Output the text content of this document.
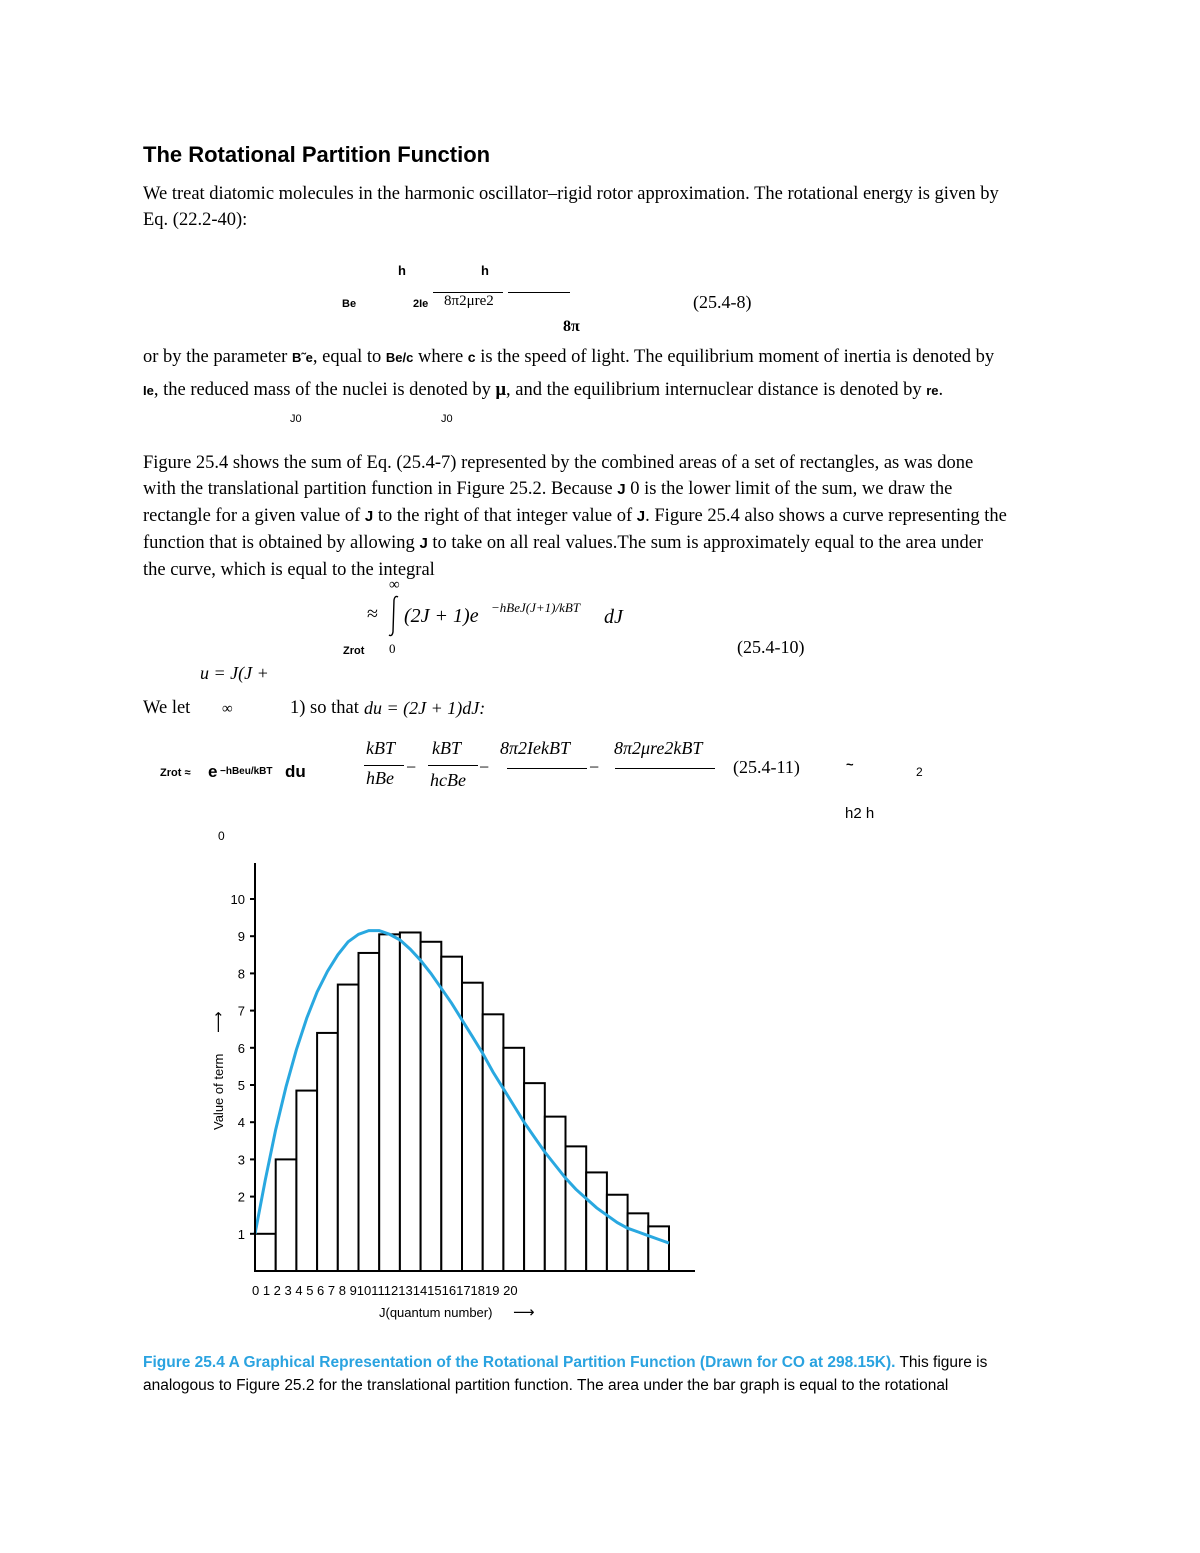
The Rotational Partition Function
We treat diatomic molecules in the harmonic oscillator–rigid rotor approximation. The rotational energy is given by
Eq. (22.2-40):
h	h
Be	2Ie 8π2μre2	(25.4-8)
8π
or by the parameter B˜e, equal to Be/c where c is the speed of light. The equilibrium moment of inertia is denoted by
Ie, the reduced mass of the nuclei is denoted by μ, and the equilibrium internuclear distance is denoted by re.
J0	J0
Figure 25.4 shows the sum of Eq. (25.4-7) represented by the combined areas of a set of rectangles, as was done
with the translational partition function in Figure 25.2. Because J 0 is the lower limit of the sum, we draw the
rectangle for a given value of J to the right of that integer value of J. Figure 25.4 also shows a curve representing the
function that is obtained by allowing J to take on all real values.The sum is approximately equal to the area under
the curve, which is equal to the integral
∞
≈ (2J + 1)e −hBeJ(J+1)/kBT dJ
Zrot 0	(25.4-10)
u = J(J +
We let ∞	1) so that du = (2J + 1)dJ:
Zrot ≈ e −hBeu/kBT du
kBT
hBe
−
kBT
hcBe
−
8π2IekBT
−
8π2μre2kBT
(25.4-11)	~	2
h2 h
0
1
2
3
4
5
6
7
8
9
10
0 1 2 3 4 5 6 7 8 910111213141516171819 20
J(quantum number) ⟶
Value of term
⟶
Figure 25.4 A Graphical Representation of the Rotational Partition Function (Drawn for CO at 298.15K). This figure is
analogous to Figure 25.2 for the translational partition function. The area under the bar graph is equal to the rotational
